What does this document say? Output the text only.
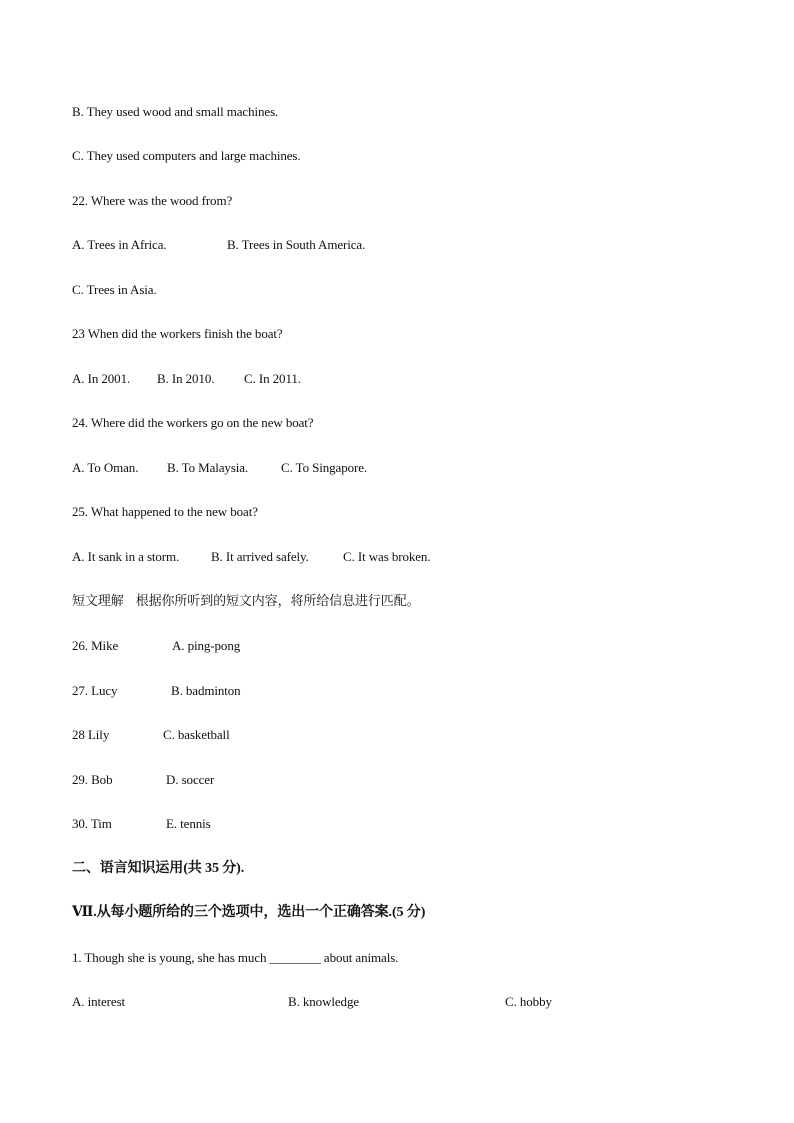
B. They used wood and small machines.
C. They used computers and large machines.
22. Where was the wood from?
A. Trees in Africa.	B. Trees in South America.
C. Trees in Asia.
23 When did the workers finish the boat?
A. In 2001. B. In 2010. C. In 2011.
24. Where did the workers go on the new boat?
A. To Oman. B. To Malaysia.	C. To Singapore.
25. What happened to the new boat?
A. It sank in a storm. B. It arrived safely.	C. It was broken.
短文理解   根据你所听到的短文内容，将所给信息进行匹配。
26. Mike	A. ping-pong
27. Lucy	B. badminton
28 Lily	C. basketball
29. Bob	D. soccer
30. Tim	E. tennis
二、语言知识运用(共 35 分).
Ⅶ.从每小题所给的三个选项中，选出一个正确答案.(5 分)
1. Though she is young, she has much ________ about animals.
A. interest	B. knowledge	C. hobby
